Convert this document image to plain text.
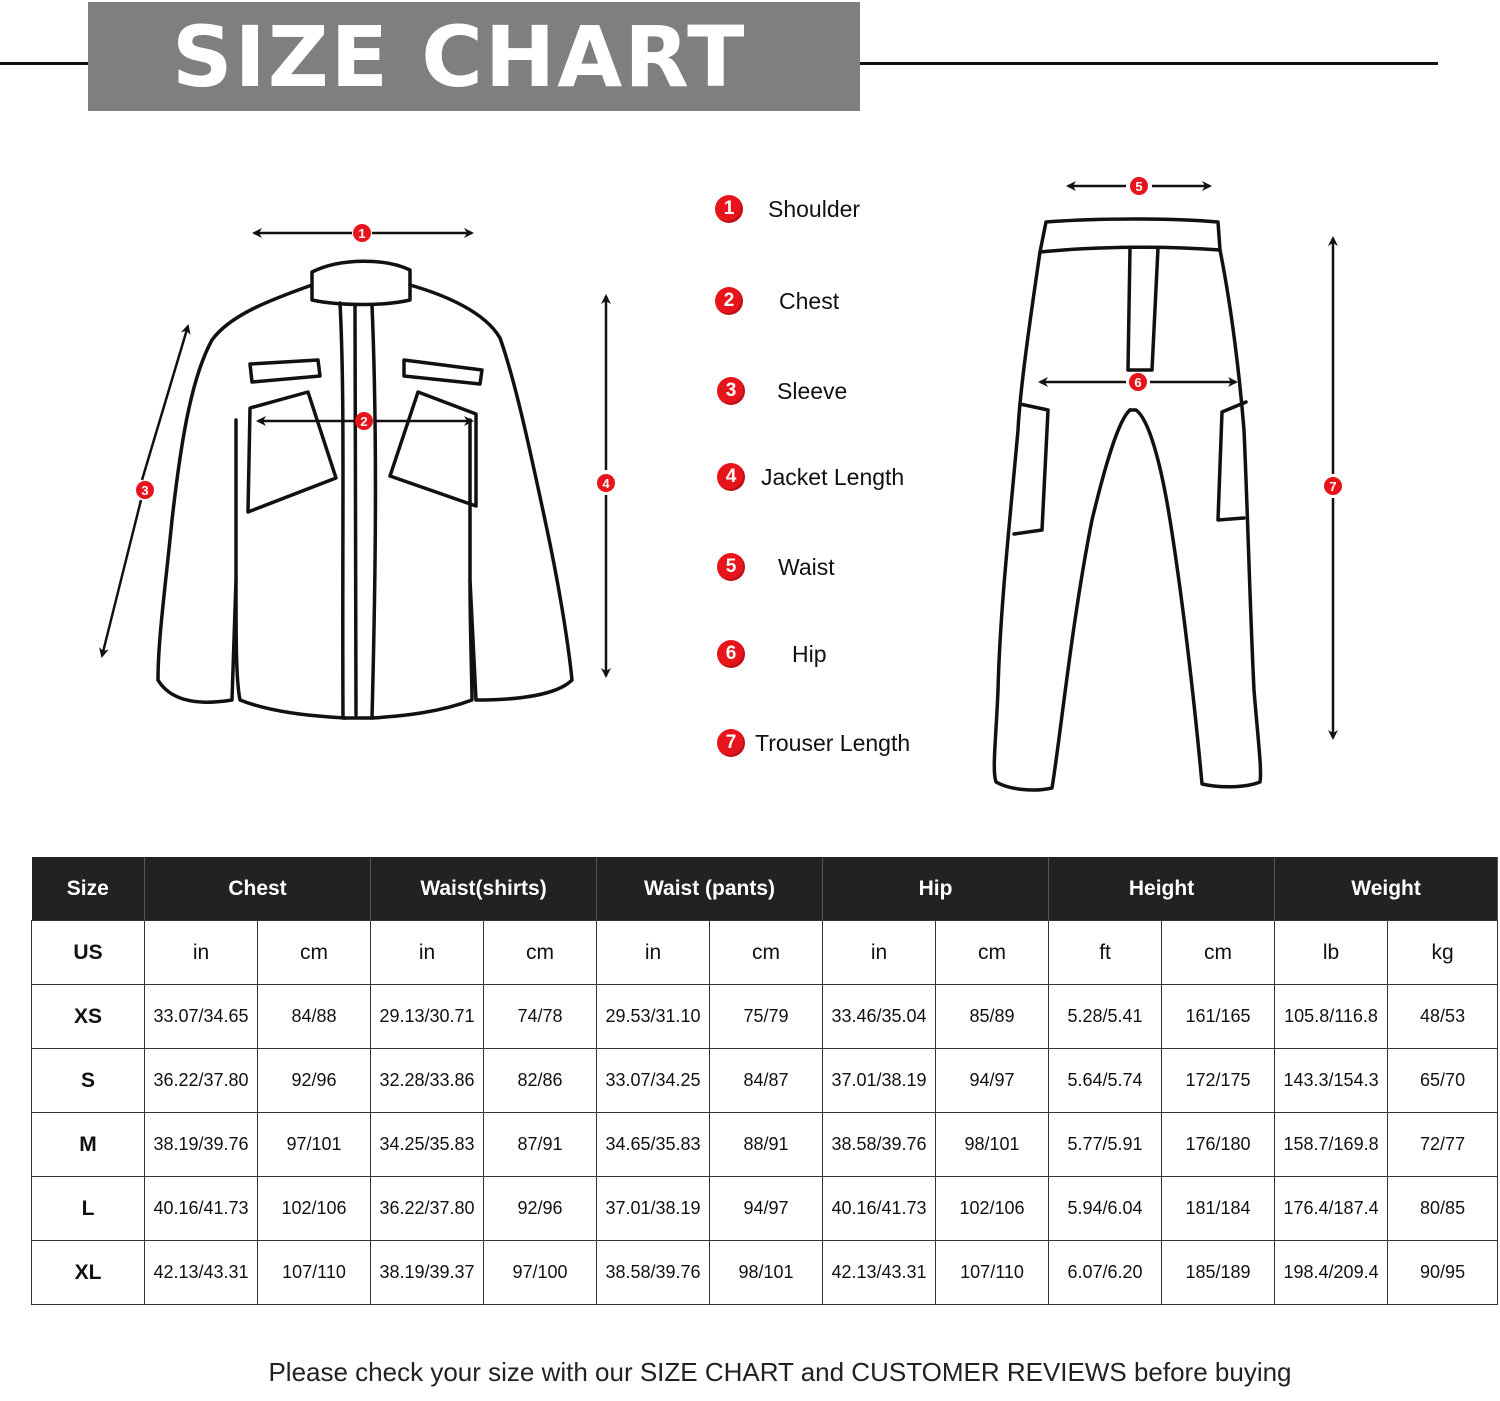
SIZE CHART
1
2
3	4
5
6
7
1	Shoulder
2	Chest
3	Sleeve
4	Jacket Length
5	Waist
6	Hip
7 Trouser Length
Size	Chest		Waist(shirts)		Waist (pants)		Hip		Height		Weight	
US	in	cm	in	cm	in	cm	in	cm	ft	cm	lb	kg
XS	33.07/34.65	84/88	29.13/30.71	74/78	29.53/31.10	75/79	33.46/35.04	85/89	5.28/5.41	161/165	105.8/116.8	48/53
S	36.22/37.80	92/96	32.28/33.86	82/86	33.07/34.25	84/87	37.01/38.19	94/97	5.64/5.74	172/175	143.3/154.3	65/70
M	38.19/39.76	97/101	34.25/35.83	87/91	34.65/35.83	88/91	38.58/39.76	98/101	5.77/5.91	176/180	158.7/169.8	72/77
L	40.16/41.73	102/106	36.22/37.80	92/96	37.01/38.19	94/97	40.16/41.73	102/106	5.94/6.04	181/184	176.4/187.4	80/85
XL	42.13/43.31	107/110	38.19/39.37	97/100	38.58/39.76	98/101	42.13/43.31	107/110	6.07/6.20	185/189	198.4/209.4	90/95
Please check your size with our SIZE CHART and CUSTOMER REVIEWS before buying
